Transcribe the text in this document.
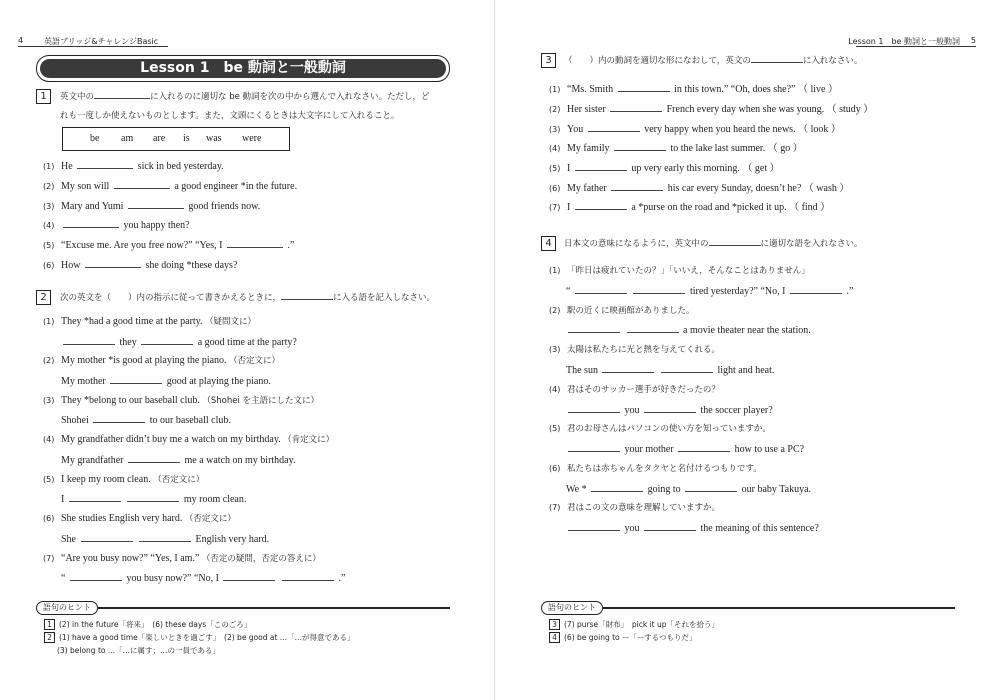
4	英語ブリッジ&チャレンジBasic
Lesson 1　be 動詞と一般動詞
1	英文中の	に入れるのに適切な be 動詞を次の中から選んで入れなさい。ただし，ど
れも一度しか使えないものとします。また，文頭にくるときは大文字にして入れること。
be am are is was were
(1) He	sick in bed yesterday.
(2) My son will	a good engineer *in the future.
(3) Mary and Yumi	good friends now.
(4)	you happy then?
(5) “Excuse me. Are you free now?” “Yes, I	.”
(6) How	she doing *these days?
2	次の英文を（　　）内の指示に従って書きかえるときに，	に入る語を記入しなさい。
(1) They *had a good time at the party. （疑問文に）
they	a good time at the party?
(2) My mother *is good at playing the piano. （否定文に）
My mother	good at playing the piano.
(3) They *belong to our baseball club. （Shohei を主語にした文に）
Shohei	to our baseball club.
(4) My grandfather didn’t buy me a watch on my birthday. （肯定文に）
My grandfather	me a watch on my birthday.
(5) I keep my room clean. （否定文に）
I	my room clean.
(6) She studies English very hard. （否定文に）
She	English very hard.
(7) “Are you busy now?” “Yes, I am.” （否定の疑問，否定の答えに）
“	you busy now?” “No, I	.”
語句のヒント
1 (2) in the future「将来」　(6) these days「このごろ」
2 (1) have a good time「楽しいときを過ごす」　(2) be good at ...「…が得意である」
(3) belong to ...「…に属す；…の一員である」
Lesson 1　be 動詞と一般動詞 5
3	（　　）内の動詞を適切な形になおして，英文の	に入れなさい。
(1) “Ms. Smith	in this town.” “Oh, does she?” （ live ）
(2) Her sister	French every day when she was young. （ study ）
(3) You	very happy when you heard the news. （ look ）
(4) My family	to the lake last summer. （ go ）
(5) I	up very early this morning. （ get ）
(6) My father	his car every Sunday, doesn’t he? （ wash ）
(7) I	a *purse on the road and *picked it up. （ find ）
4	日本文の意味になるように，英文中の	に適切な語を入れなさい。
(1) 「昨日は疲れていたの？」「いいえ，そんなことはありません」
“	tired yesterday?” “No, I	.”
(2) 駅の近くに映画館がありました。
a movie theater near the station.
(3) 太陽は私たちに光と熱を与えてくれる。
The sun	light and heat.
(4) 君はそのサッカー選手が好きだったの？
you	the soccer player?
(5) 君のお母さんはパソコンの使い方を知っていますか。
your mother	how to use a PC?
(6) 私たちは赤ちゃんをタクヤと名付けるつもりです。
We *	going to	our baby Takuya.
(7) 君はこの文の意味を理解していますか。
you	the meaning of this sentence?
語句のヒント
3 (7) purse「財布」　pick it up「それを拾う」
4 (6) be going to ー「ーするつもりだ」
